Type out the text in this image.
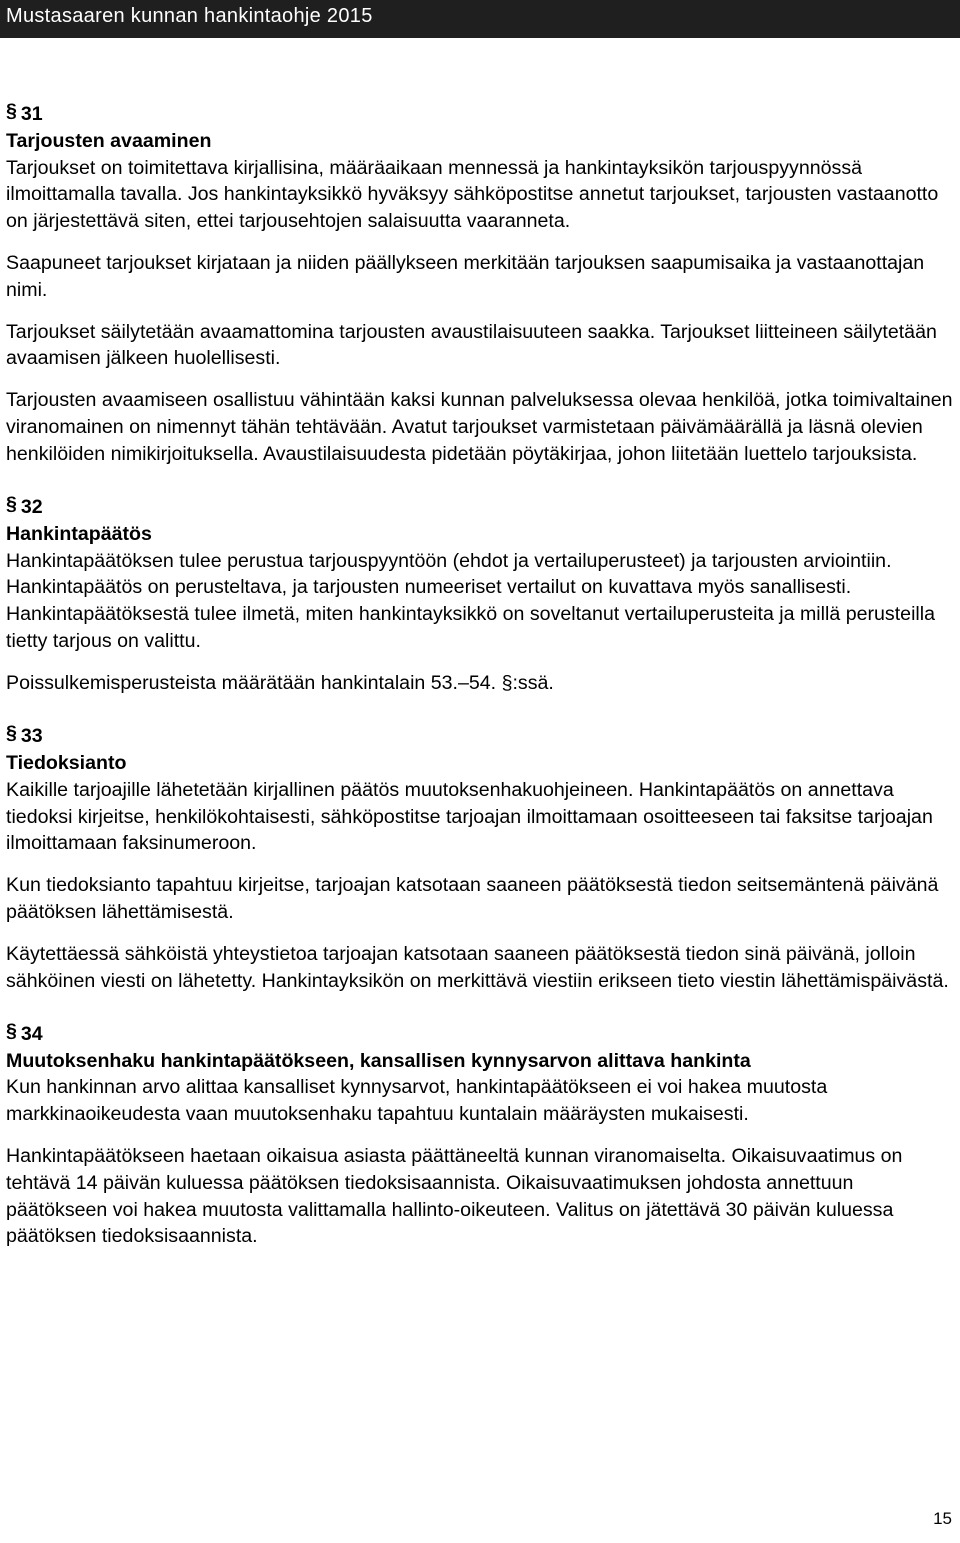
Mustasaaren kunnan hankintaohje 2015
§ 31
Tarjousten avaaminen

Tarjoukset on toimitettava kirjallisina, määräaikaan mennessä ja hankintayksikön tarjouspyynnössä ilmoittamalla tavalla. Jos hankintayksikkö hyväksyy sähköpostitse annetut tarjoukset, tarjousten vastaanotto on järjestettävä siten, ettei tarjousehtojen salaisuutta vaaranneta.

Saapuneet tarjoukset kirjataan ja niiden päällykseen merkitään tarjouksen saapumisaika ja vastaanottajan nimi.

Tarjoukset säilytetään avaamattomina tarjousten avaustilaisuuteen saakka. Tarjoukset liitteineen säilytetään avaamisen jälkeen huolellisesti.

Tarjousten avaamiseen osallistuu vähintään kaksi kunnan palveluksessa olevaa henkilöä, jotka toimivaltainen viranomainen on nimennyt tähän tehtävään. Avatut tarjoukset varmistetaan päivämäärällä ja läsnä olevien henkilöiden nimikirjoituksella. Avaustilaisuudesta pidetään pöytäkirjaa, johon liitetään luettelo tarjouksista.

§ 32
Hankintapäätös

Hankintapäätöksen tulee perustua tarjouspyyntöön (ehdot ja vertailuperusteet) ja tarjousten arviointiin. Hankintapäätös on perusteltava, ja tarjousten numeeriset vertailut on kuvattava myös sanallisesti. Hankintapäätöksestä tulee ilmetä, miten hankintayksikkö on soveltanut vertailuperusteita ja millä perusteilla tietty tarjous on valittu.

Poissulkemisperusteista määrätään hankintalain 53.–54. §:ssä.

§ 33
Tiedoksianto

Kaikille tarjoajille lähetetään kirjallinen päätös muutoksenhakuohjeineen. Hankintapäätös on annettava tiedoksi kirjeitse, henkilökohtaisesti, sähköpostitse tarjoajan ilmoittamaan osoitteeseen tai faksitse tarjoajan ilmoittamaan faksinumeroon.

Kun tiedoksianto tapahtuu kirjeitse, tarjoajan katsotaan saaneen päätöksestä tiedon seitsemäntenä päivänä päätöksen lähettämisestä.

Käytettäessä sähköistä yhteystietoa tarjoajan katsotaan saaneen päätöksestä tiedon sinä päivänä, jolloin sähköinen viesti on lähetetty. Hankintayksikön on merkittävä viestiin erikseen tieto viestin lähettämispäivästä.

§ 34
Muutoksenhaku hankintapäätökseen, kansallisen kynnysarvon alittava hankinta

Kun hankinnan arvo alittaa kansalliset kynnysarvot, hankintapäätökseen ei voi hakea muutosta markkinaoikeudesta vaan muutoksenhaku tapahtuu kuntalain määräysten mukaisesti.

Hankintapäätökseen haetaan oikaisua asiasta päättäneeltä kunnan viranomaiselta. Oikaisuvaatimus on tehtävä 14 päivän kuluessa päätöksen tiedoksisaannista. Oikaisuvaatimuksen johdosta annettuun päätökseen voi hakea muutosta valittamalla hallinto-oikeuteen. Valitus on jätettävä 30 päivän kuluessa päätöksen tiedoksisaannista.

15
